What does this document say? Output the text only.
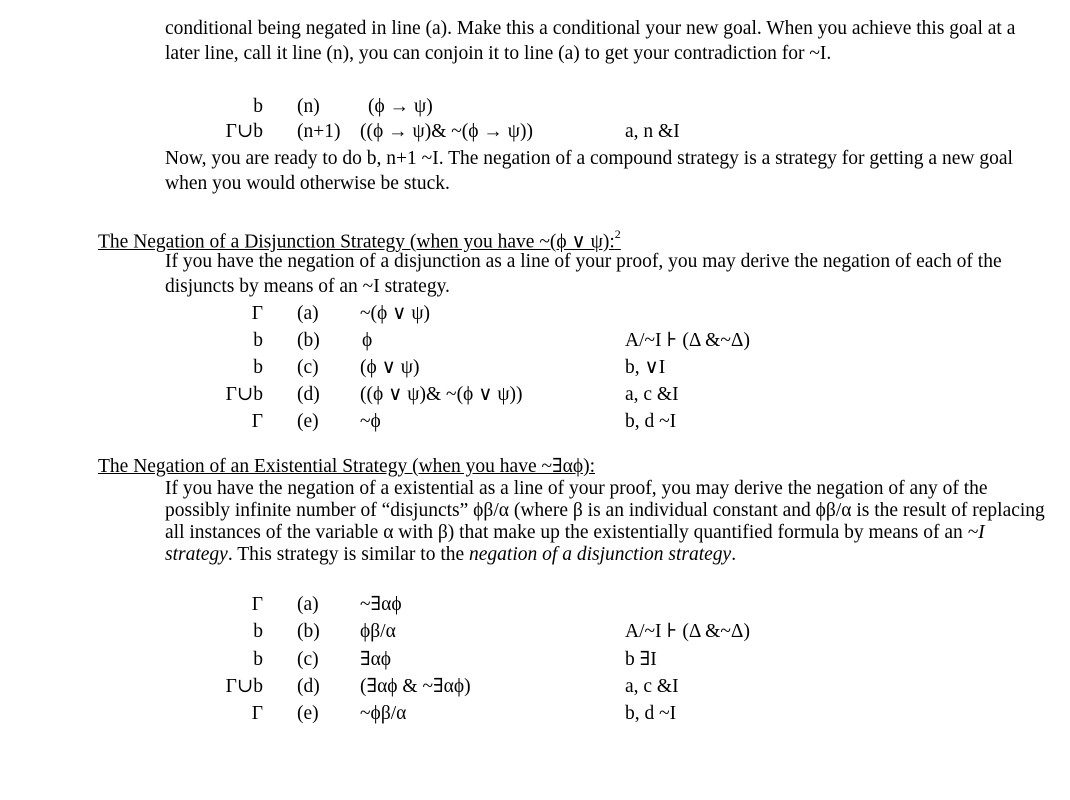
conditional being negated in line (a). Make this a conditional your new goal. When you achieve this goal at a later line, call it line (n), you can conjoin it to line (a) to get your contradiction for ~I.
b (n) (ϕ → ψ)
Γ∪b (n+1) ((ϕ → ψ)& ~(ϕ → ψ))	a, n &I
Now, you are ready to do b, n+1 ~I. The negation of a compound strategy is a strategy for getting a new goal when you would otherwise be stuck.
The Negation of a Disjunction Strategy (when you have ~(ϕ ∨ ψ):$^2$
If you have the negation of a disjunction as a line of your proof, you may derive the negation of each of the disjuncts by means of an ~I strategy.
Γ (a) ~(ϕ ∨ ψ)
b (b) ϕ	A/~I ⊦ (Δ &~Δ)
b (c) (ϕ ∨ ψ)	b, ∨I
Γ∪b (d) ((ϕ ∨ ψ)& ~(ϕ ∨ ψ))	a, c &I
Γ (e) ~ϕ	b, d ~I
The Negation of an Existential Strategy (when you have ~∃αϕ):
If you have the negation of a existential as a line of your proof, you may derive the negation of any of the possibly infinite number of “disjuncts” ϕβ/α (where β is an individual constant and ϕβ/α is the result of replacing all instances of the variable α with β) that make up the existentially quantified formula by means of an ~I strategy. This strategy is similar to the negation of a disjunction strategy.
Γ (a) ~∃αϕ
b (b) ϕβ/α	A/~I ⊦ (Δ &~Δ)
b (c) ∃αϕ	b ∃I
Γ∪b (d) (∃αϕ & ~∃αϕ)	a, c &I
Γ (e) ~ϕβ/α	b, d ~I
